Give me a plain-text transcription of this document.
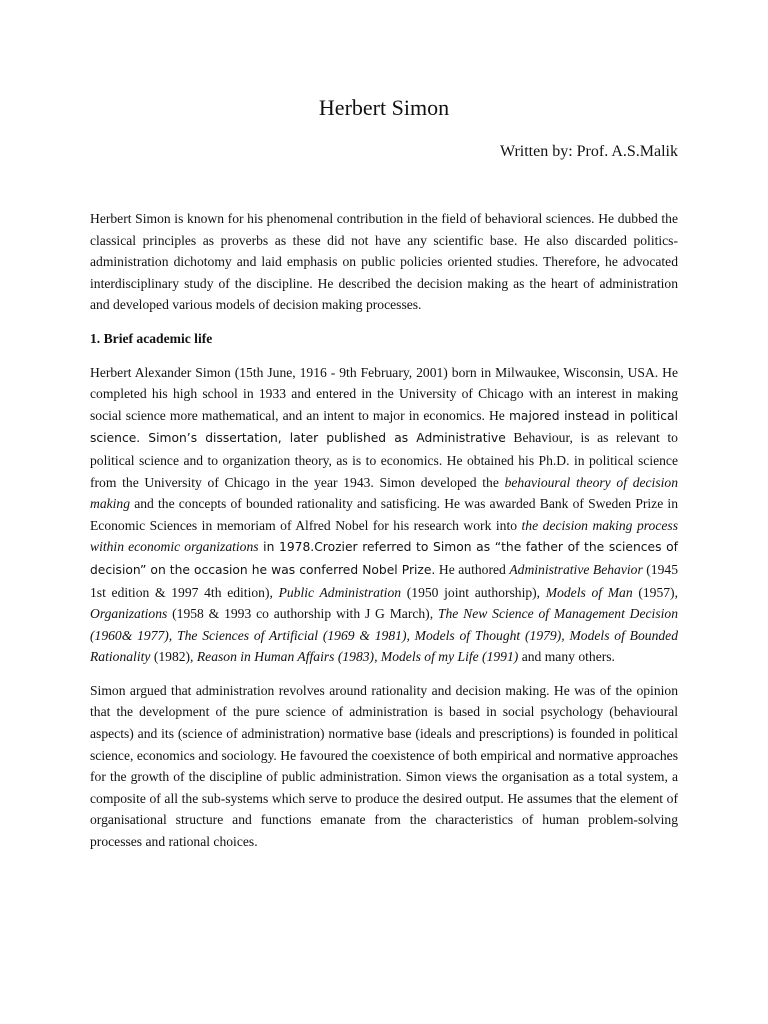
Herbert Simon
Written by: Prof. A.S.Malik

Herbert Simon is known for his phenomenal contribution in the field of behavioral sciences. He dubbed the classical principles as proverbs as these did not have any scientific base. He also discarded politics- administration dichotomy and laid emphasis on public policies oriented studies. Therefore, he advocated interdisciplinary study of the discipline. He described the decision making as the heart of administration and developed various models of decision making processes.

1. Brief academic life

Herbert Alexander Simon (15th June, 1916 - 9th February, 2001) born in Milwaukee, Wisconsin, USA. He completed his high school in 1933 and entered in the University of Chicago with an interest in making social science more mathematical, and an intent to major in economics. He majored instead in political science. Simon’s dissertation, later published as Administrative Behaviour, is as relevant to political science and to organization theory, as is to economics. He obtained his Ph.D. in political science from the University of Chicago in the year 1943. Simon developed the behavioural theory of decision making and the concepts of bounded rationality and satisficing. He was awarded Bank of Sweden Prize in Economic Sciences in memoriam of Alfred Nobel for his research work into the decision making process within economic organizations in 1978.Crozier referred to Simon as “the father of the sciences of decision” on the occasion he was conferred Nobel Prize. He authored Administrative Behavior (1945 1st edition & 1997 4th edition), Public Administration (1950 joint authorship), Models of Man (1957), Organizations (1958 & 1993 co authorship with J G March), The New Science of Management Decision (1960& 1977), The Sciences of Artificial (1969 & 1981), Models of Thought (1979), Models of Bounded Rationality (1982), Reason in Human Affairs (1983), Models of my Life (1991) and many others.

Simon argued that administration revolves around rationality and decision making. He was of the opinion that the development of the pure science of administration is based in social psychology (behavioural aspects) and its (science of administration) normative base (ideals and prescriptions) is founded in political science, economics and sociology. He favoured the coexistence of both empirical and normative approaches for the growth of the discipline of public administration. Simon views the organisation as a total system, a composite of all the sub-systems which serve to produce the desired output. He assumes that the element of organisational structure and functions emanate from the characteristics of human problem-solving processes and rational choices.
